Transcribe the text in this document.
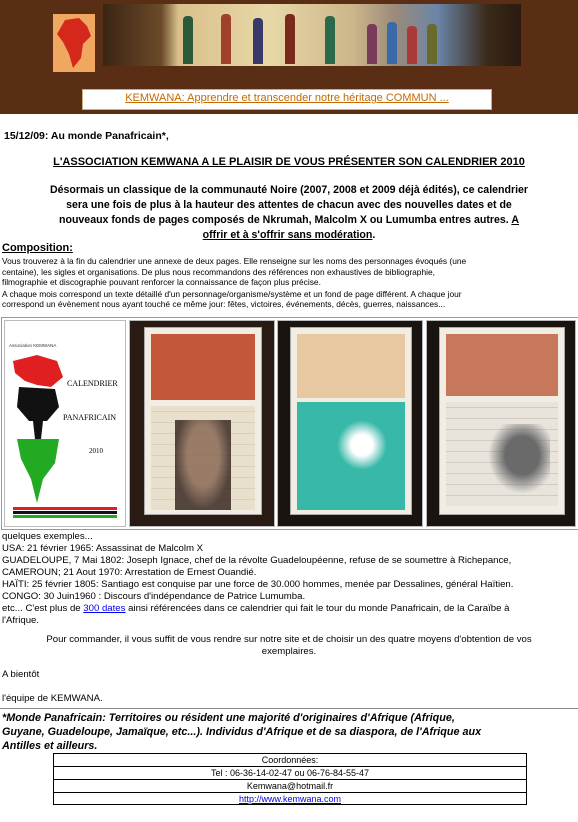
KEMWANA: Apprendre et transcender notre héritage COMMUN ...
15/12/09: Au monde Panafricain*,
L'ASSOCIATION KEMWANA A LE PLAISIR DE VOUS PRÉSENTER SON CALENDRIER 2010
Désormais un classique de la communauté Noire (2007, 2008 et 2009 déjà édités), ce calendrier
sera une fois de plus à la hauteur des attentes de chacun avec des nouvelles dates et de
nouveaux fonds de pages composés de Nkrumah, Malcolm X ou Lumumba entres autres. A
offrir et à s'offrir sans modération.
Composition:
Vous trouverez à la fin du calendrier une annexe de deux pages. Elle renseigne sur les noms des personnages évoqués (une
centaine), les sigles et organisations. De plus nous recommandons des références non exhaustives de bibliographie,
filmographie et discographie pouvant renforcer la connaissance de façon plus précise.
A chaque mois correspond un texte détaillé d'un personnage/organisme/système et un fond de page différent. A chaque jour
correspond un évènement nous ayant touché ce même jour: fêtes, victoires, événements, décès, guerres, naissances...
Association KEMWANA
CALENDRIER
PANAFRICAIN
2010
quelques exemples...
USA: 21 février 1965: Assassinat de Malcolm X
GUADELOUPE, 7 Mai 1802: Joseph Ignace, chef de la révolte Guadeloupéenne, refuse de se soumettre à Richepance,
CAMEROUN; 21 Aout 1970: Arrestation de Ernest Ouandié.
HAÏTI: 25 février 1805: Santiago est conquise par une force de 30.000 hommes, menée par Dessalines, général Haïtien.
CONGO: 30 Juin1960 : Discours d'indépendance de Patrice Lumumba.
etc... C'est plus de 300 dates ainsi référencées dans ce calendrier qui fait le tour du monde Panafricain, de la Caraïbe à
l'Afrique.
Pour commander, il vous suffit de vous rendre sur notre site et de choisir un des quatre moyens d'obtention de vos
exemplaires.
A bientôt
l'équipe de KEMWANA.
*Monde Panafricain: Territoires ou résident une majorité d'originaires d'Afrique (Afrique,
Guyane, Guadeloupe, Jamaïque, etc...). Individus d'Afrique et de sa diaspora, de l'Afrique aux
Antilles et ailleurs.
Coordonnées:
Tel : 06-36-14-02-47 ou 06-76-84-55-47
Kemwana@hotmail.fr
http://www.kemwana.com
